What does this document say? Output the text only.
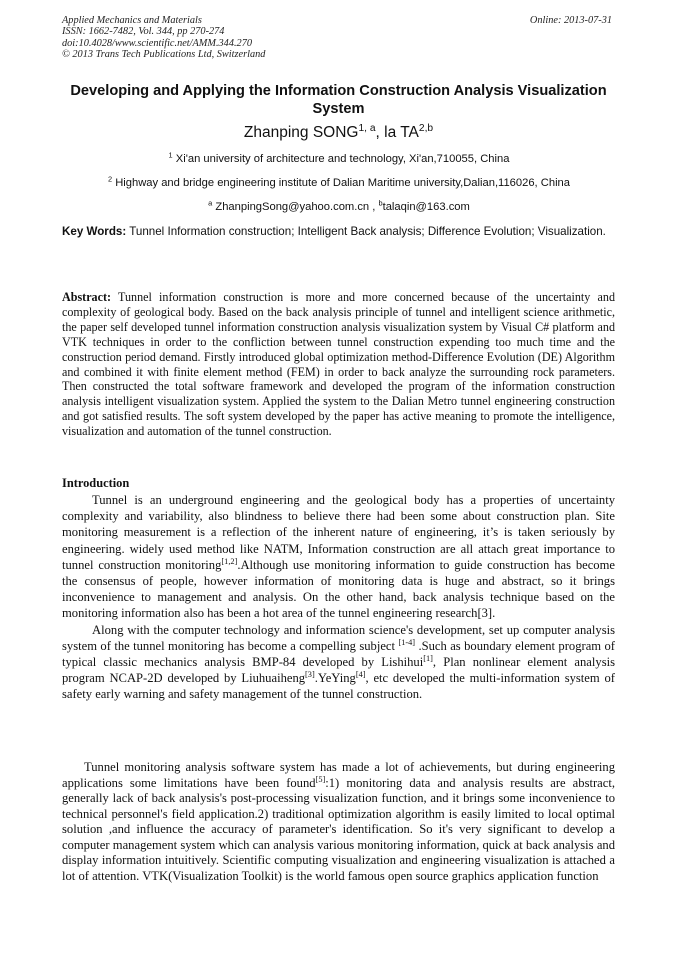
Applied Mechanics and Materials
ISSN: 1662-7482, Vol. 344, pp 270-274
doi:10.4028/www.scientific.net/AMM.344.270
© 2013 Trans Tech Publications Ltd, Switzerland
Online: 2013-07-31
Developing and Applying the Information Construction Analysis Visualization System
Zhanping SONG$^{1, a}$, la TA$^{2,b}$
$^1$ Xi'an university of architecture and technology, Xi'an,710055, China
$^2$ Highway and bridge engineering institute of Dalian Maritime university,Dalian,116026, China
$^a$ ZhanpingSong@yahoo.com.cn , $^b$talaqin@163.com
Key Words: Tunnel Information construction; Intelligent Back analysis; Difference Evolution; Visualization.
Abstract: Tunnel information construction is more and more concerned because of the uncertainty and complexity of geological body. Based on the back analysis principle of tunnel and intelligent science arithmetic, the paper self developed tunnel information construction analysis visualization system by Visual C# platform and VTK techniques in order to the confliction between tunnel construction expending too much time and the construction period demand. Firstly introduced global optimization method-Difference Evolution (DE) Algorithm and combined it with finite element method (FEM) in order to back analyze the surrounding rock parameters. Then constructed the total software framework and developed the program of the information construction analysis intelligent visualization system. Applied the system to the Dalian Metro tunnel engineering construction and got satisfied results. The soft system developed by the paper has active meaning to promote the intelligence, visualization and automation of the tunnel construction.
Introduction

Tunnel is an underground engineering and the geological body has a properties of uncertainty complexity and variability, also blindness to believe there had been some about construction plan. Site monitoring measurement is a reflection of the inherent nature of engineering, it’s is taken seriously by engineering. widely used method like NATM, Information construction are all attach great importance to tunnel construction monitoring[1,2].Although use monitoring information to guide construction has become the consensus of people, however information of monitoring data is huge and abstract, so it brings inconvenience to management and analysis. On the other hand, back analysis technique based on the monitoring information also has been a hot area of the tunnel engineering research[3].

Along with the computer technology and information science's development, set up computer analysis system of the tunnel monitoring has become a compelling subject [1-4] .Such as boundary element program of typical classic mechanics analysis BMP-84 developed by Lishihui[1], Plan nonlinear element analysis program NCAP-2D developed by Liuhuaiheng[3].YeYing[4], etc developed the multi-information system of safety early warning and safety management of the tunnel construction.

Tunnel monitoring analysis software system has made a lot of achievements, but during engineering applications some limitations have been found[5]:1) monitoring data and analysis results are abstract, generally lack of back analysis's post-processing visualization function, and it brings some inconvenience to technical personnel's field application.2) traditional optimization algorithm is easily limited to local optimal solution ,and influence the accuracy of parameter's identification. So it's very significant to develop a computer management system which can analysis various monitoring information, quick at back analysis and display information intuitively. Scientific computing visualization and engineering visualization is attached a lot of attention. VTK(Visualization Toolkit) is the world famous open source graphics application function
